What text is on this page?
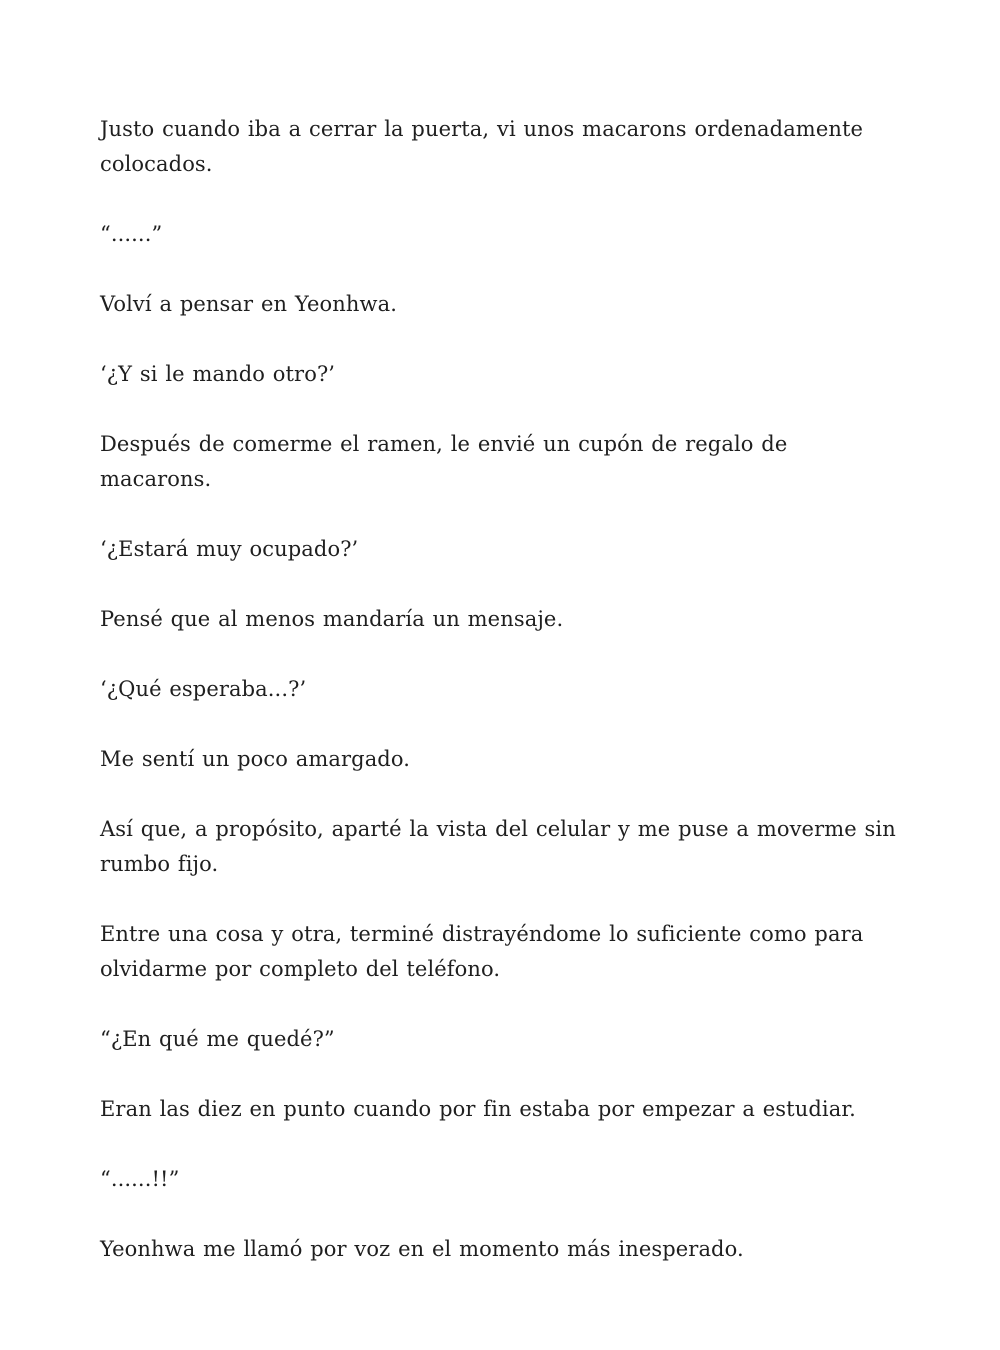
Justo cuando iba a cerrar la puerta, vi unos macarons ordenadamente colocados.

“......”

Volví a pensar en Yeonhwa.

‘¿Y si le mando otro?’

Después de comerme el ramen, le envié un cupón de regalo de macarons.

‘¿Estará muy ocupado?’

Pensé que al menos mandaría un mensaje.

‘¿Qué esperaba...?’

Me sentí un poco amargado.

Así que, a propósito, aparté la vista del celular y me puse a moverme sin rumbo fijo.

Entre una cosa y otra, terminé distrayéndome lo suficiente como para olvidarme por completo del teléfono.

“¿En qué me quedé?”

Eran las diez en punto cuando por fin estaba por empezar a estudiar.

“......!!”

Yeonhwa me llamó por voz en el momento más inesperado.
